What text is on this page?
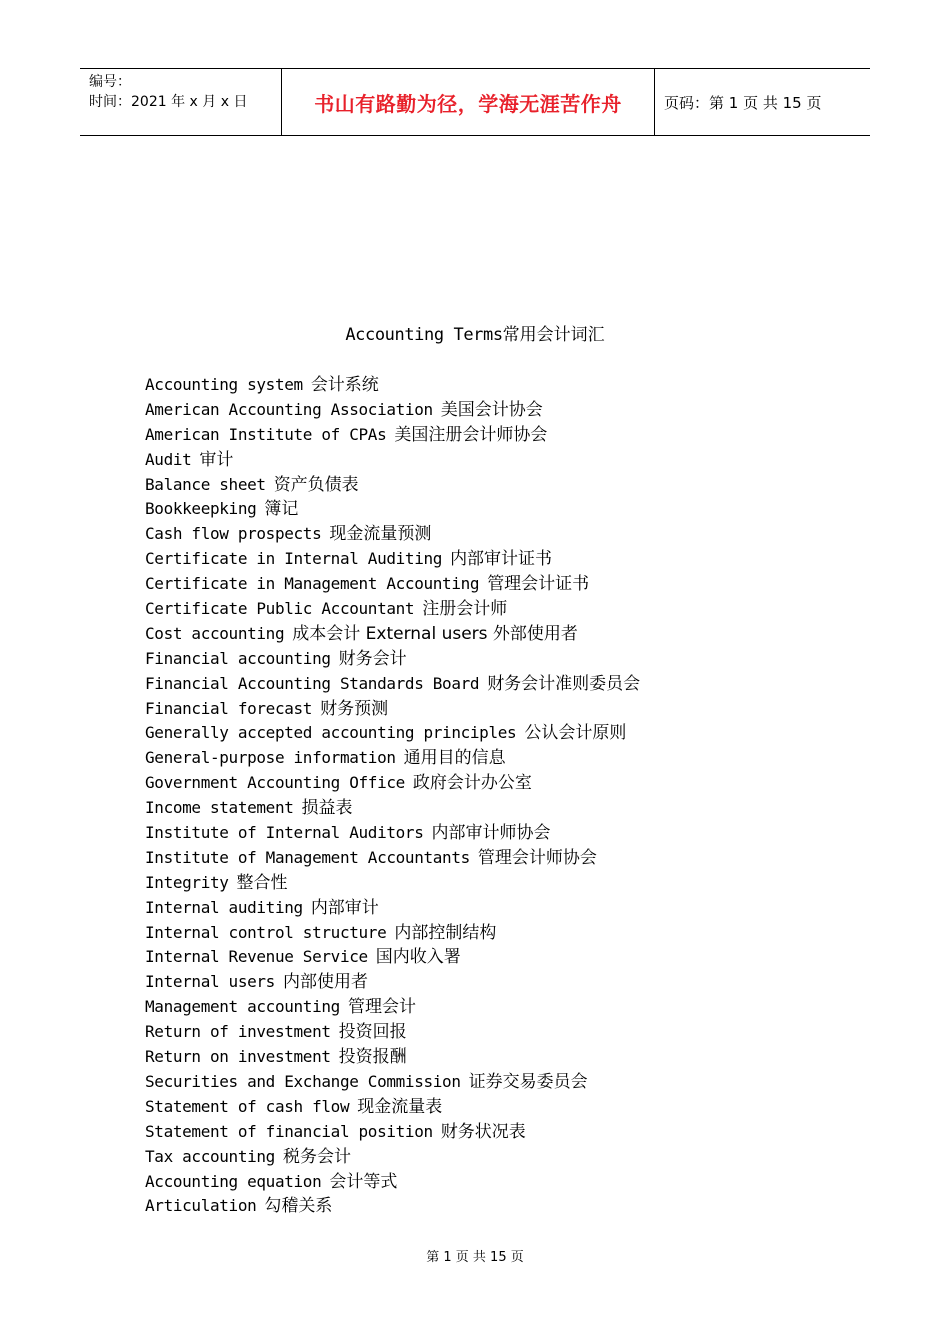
编号：
时间：2021 年 x 月 x 日	书山有路勤为径，学海无涯苦作舟	页码：第 1 页 共 15 页
Accounting Terms常用会计词汇
Accounting system 会计系统
American Accounting Association 美国会计协会
American Institute of CPAs 美国注册会计师协会
Audit 审计
Balance sheet 资产负债表
Bookkeepking 簿记
Cash flow prospects 现金流量预测
Certificate in Internal Auditing 内部审计证书
Certificate in Management Accounting 管理会计证书
Certificate Public Accountant 注册会计师
Cost accounting 成本会计 External users 外部使用者
Financial accounting 财务会计
Financial Accounting Standards Board 财务会计准则委员会
Financial forecast 财务预测
Generally accepted accounting principles 公认会计原则
General-purpose information 通用目的信息
Government Accounting Office 政府会计办公室
Income statement 损益表
Institute of Internal Auditors 内部审计师协会
Institute of Management Accountants 管理会计师协会
Integrity 整合性
Internal auditing 内部审计
Internal control structure 内部控制结构
Internal Revenue Service 国内收入署
Internal users 内部使用者
Management accounting 管理会计
Return of investment 投资回报
Return on investment 投资报酬
Securities and Exchange Commission 证券交易委员会
Statement of cash flow 现金流量表
Statement of financial position 财务状况表
Tax accounting 税务会计
Accounting equation 会计等式
Articulation 勾稽关系
第 1 页 共 15 页
